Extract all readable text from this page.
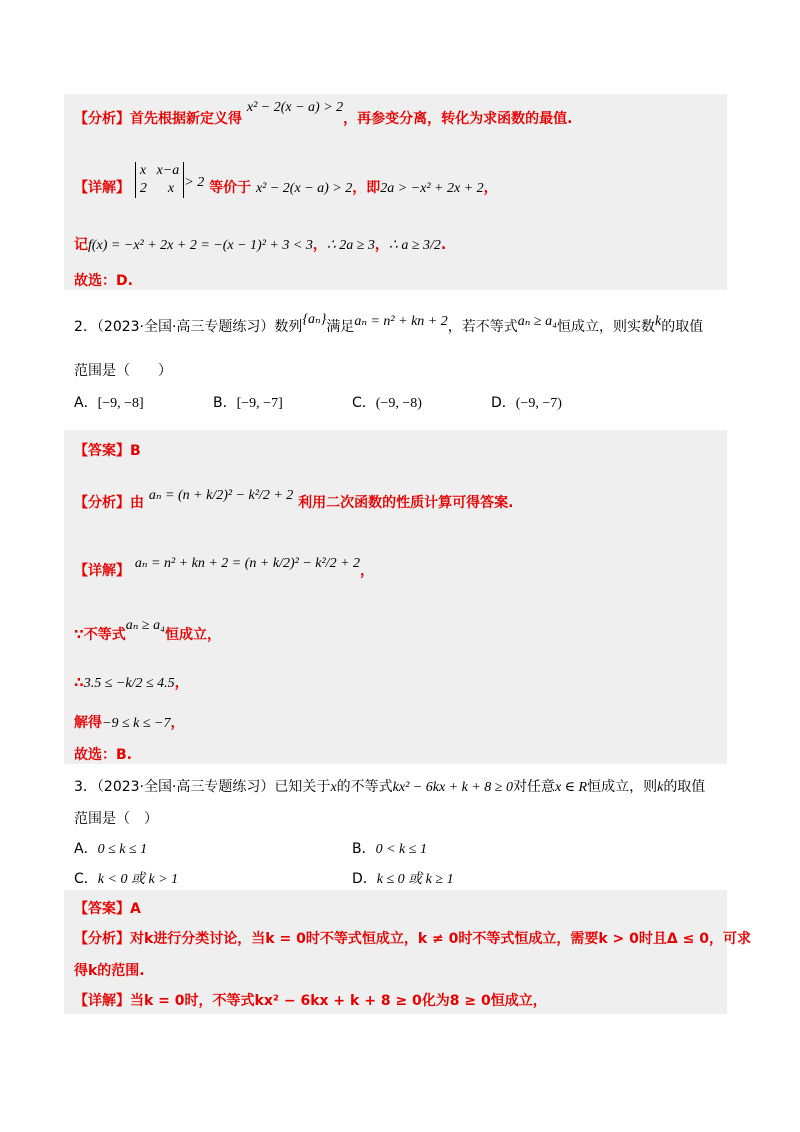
【分析】首先根据新定义得 x² − 2(x − a) > 2，再参变分离，转化为求函数的最值.
【详解】
x   x−a
2      x > 2 等价于 x² − 2(x − a) > 2，即2a > −x² + 2x + 2，
记f(x) = −x² + 2x + 2 = −(x − 1)² + 3 < 3，∴ 2a ≥ 3，∴ a ≥ 3/2.
故选：D.
2．（2023·全国·高三专题练习）数列{aₙ}满足aₙ = n² + kn + 2，若不等式aₙ ≥ a₄恒成立，则实数k的取值
范围是（　　）
A．[−9, −8]	B．[−9, −7]	C．(−9, −8)	D．(−9, −7)
【答案】B
【分析】由 aₙ = (n + k/2)² − k²/2 + 2 利用二次函数的性质计算可得答案.
【详解】 aₙ = n² + kn + 2 = (n + k/2)² − k²/2 + 2，
∵不等式aₙ ≥ a₄恒成立，
∴3.5 ≤ −k/2 ≤ 4.5，
解得−9 ≤ k ≤ −7，
故选：B.
3．（2023·全国·高三专题练习）已知关于x的不等式kx² − 6kx + k + 8 ≥ 0对任意x ∈ R恒成立，则k的取值
范围是（　）
A．0 ≤ k ≤ 1	B．0 < k ≤ 1
C．k < 0 或 k > 1	D．k ≤ 0 或 k ≥ 1
【答案】A
【分析】对k进行分类讨论，当k = 0时不等式恒成立，k ≠ 0时不等式恒成立，需要k > 0时且Δ ≤ 0，可求
得k的范围.
【详解】当k = 0时，不等式kx² − 6kx + k + 8 ≥ 0化为8 ≥ 0恒成立，
